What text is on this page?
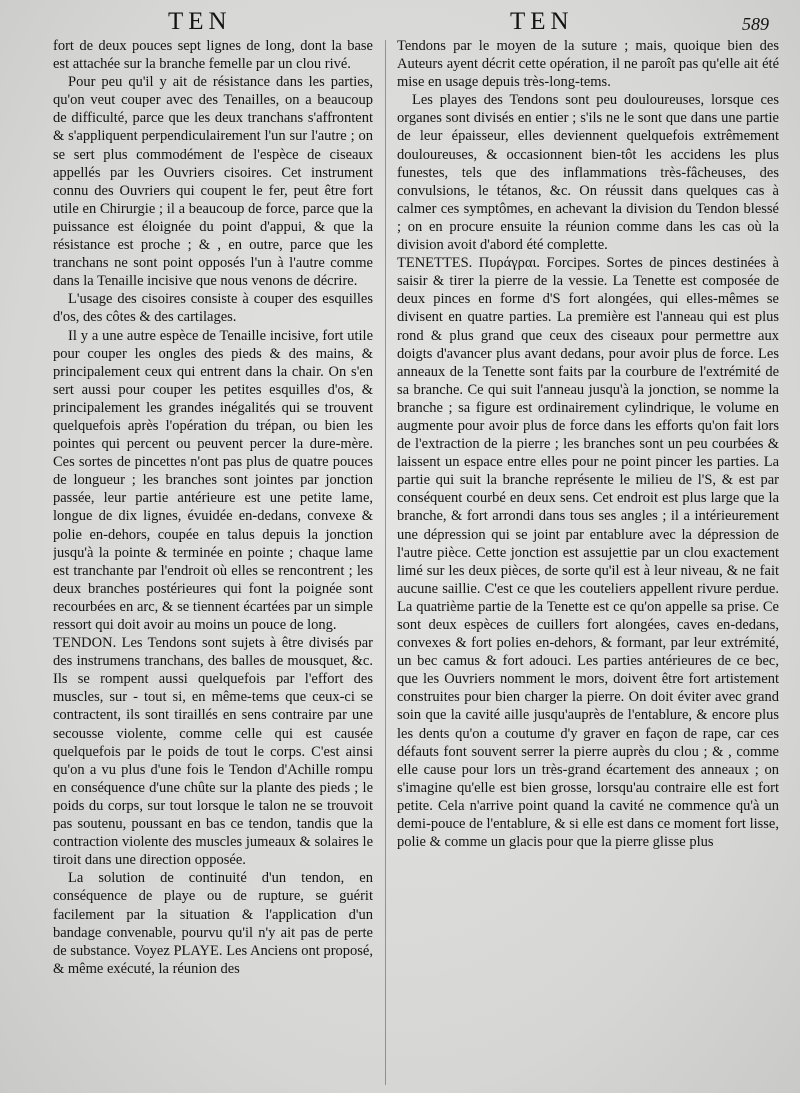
TEN	TEN	589

fort de deux pouces sept lignes de long, dont la base est attachée sur la branche femelle par un clou rivé.

Pour peu qu'il y ait de résistance dans les parties, qu'on veut couper avec des Tenailles, on a beaucoup de difficulté, parce que les deux tranchans s'affrontent & s'appliquent perpendiculairement l'un sur l'autre ; on se sert plus commodément de l'espèce de ciseaux appellés par les Ouvriers cisoires. Cet instrument connu des Ouvriers qui coupent le fer, peut être fort utile en Chirurgie ; il a beaucoup de force, parce que la puissance est éloignée du point d'appui, & que la résistance est proche ; & , en outre, parce que les tranchans ne sont point opposés l'un à l'autre comme dans la Tenaille incisive que nous venons de décrire.

L'usage des cisoires consiste à couper des esquilles d'os, des côtes & des cartilages.

Il y a une autre espèce de Tenaille incisive, fort utile pour couper les ongles des pieds & des mains, & principalement ceux qui entrent dans la chair. On s'en sert aussi pour couper les petites esquilles d'os, & principalement les grandes inégalités qui se trouvent quelquefois après l'opération du trépan, ou bien les pointes qui percent ou peuvent percer la dure-mère. Ces sortes de pincettes n'ont pas plus de quatre pouces de longueur ; les branches sont jointes par jonction passée, leur partie antérieure est une petite lame, longue de dix lignes, évuidée en-dedans, convexe & polie en-dehors, coupée en talus depuis la jonction jusqu'à la pointe & terminée en pointe ; chaque lame est tranchante par l'endroit où elles se rencontrent ; les deux branches postérieures qui font la poignée sont recourbées en arc, & se tiennent écartées par un simple ressort qui doit avoir au moins un pouce de long.

TENDON. Les Tendons sont sujets à être divisés par des instrumens tranchans, des balles de mousquet, &c. Ils se rompent aussi quelquefois par l'effort des muscles, sur - tout si, en même-tems que ceux-ci se contractent, ils sont tiraillés en sens contraire par une secousse violente, comme celle qui est causée quelquefois par le poids de tout le corps. C'est ainsi qu'on a vu plus d'une fois le Tendon d'Achille rompu en conséquence d'une chûte sur la plante des pieds ; le poids du corps, sur tout lorsque le talon ne se trouvoit pas soutenu, poussant en bas ce tendon, tandis que la contraction violente des muscles jumeaux & solaires le tiroit dans une direction opposée.

La solution de continuité d'un tendon, en conséquence de playe ou de rupture, se guérit facilement par la situation & l'application d'un bandage convenable, pourvu qu'il n'y ait pas de perte de substance. Voyez PLAYE. Les Anciens ont proposé, & même exécuté, la réunion des

Tendons par le moyen de la suture ; mais, quoique bien des Auteurs ayent décrit cette opération, il ne paroît pas qu'elle ait été mise en usage depuis très-long-tems.

Les playes des Tendons sont peu douloureuses, lorsque ces organes sont divisés en entier ; s'ils ne le sont que dans une partie de leur épaisseur, elles deviennent quelquefois extrêmement douloureuses, & occasionnent bien-tôt les accidens les plus funestes, tels que des inflammations très-fâcheuses, des convulsions, le tétanos, &c. On réussit dans quelques cas à calmer ces symptômes, en achevant la division du Tendon blessé ; on en procure ensuite la réunion comme dans les cas où la division avoit d'abord été complette.

TENETTES. Πυράγραι. Forcipes. Sortes de pinces destinées à saisir & tirer la pierre de la vessie. La Tenette est composée de deux pinces en forme d'S fort alongées, qui elles-mêmes se divisent en quatre parties. La première est l'anneau qui est plus rond & plus grand que ceux des ciseaux pour permettre aux doigts d'avancer plus avant dedans, pour avoir plus de force. Les anneaux de la Tenette sont faits par la courbure de l'extrémité de sa branche. Ce qui suit l'anneau jusqu'à la jonction, se nomme la branche ; sa figure est ordinairement cylindrique, le volume en augmente pour avoir plus de force dans les efforts qu'on fait lors de l'extraction de la pierre ; les branches sont un peu courbées & laissent un espace entre elles pour ne point pincer les parties. La partie qui suit la branche représente le milieu de l'S, & est par conséquent courbé en deux sens. Cet endroit est plus large que la branche, & fort arrondi dans tous ses angles ; il a intérieurement une dépression qui se joint par entablure avec la dépression de l'autre pièce. Cette jonction est assujettie par un clou exactement limé sur les deux pièces, de sorte qu'il est à leur niveau, & ne fait aucune saillie. C'est ce que les couteliers appellent rivure perdue. La quatrième partie de la Tenette est ce qu'on appelle sa prise. Ce sont deux espèces de cuillers fort alongées, caves en-dedans, convexes & fort polies en-dehors, & formant, par leur extrémité, un bec camus & fort adouci. Les parties antérieures de ce bec, que les Ouvriers nomment le mors, doivent être fort artistement construites pour bien charger la pierre. On doit éviter avec grand soin que la cavité aille jusqu'auprès de l'entablure, & encore plus les dents qu'on a coutume d'y graver en façon de rape, car ces défauts font souvent serrer la pierre auprès du clou ; & , comme elle cause pour lors un très-grand écartement des anneaux ; on s'imagine qu'elle est bien grosse, lorsqu'au contraire elle est fort petite. Cela n'arrive point quand la cavité ne commence qu'à un demi-pouce de l'entablure, & si elle est dans ce moment fort lisse, polie & comme un glacis pour que la pierre glisse plus
